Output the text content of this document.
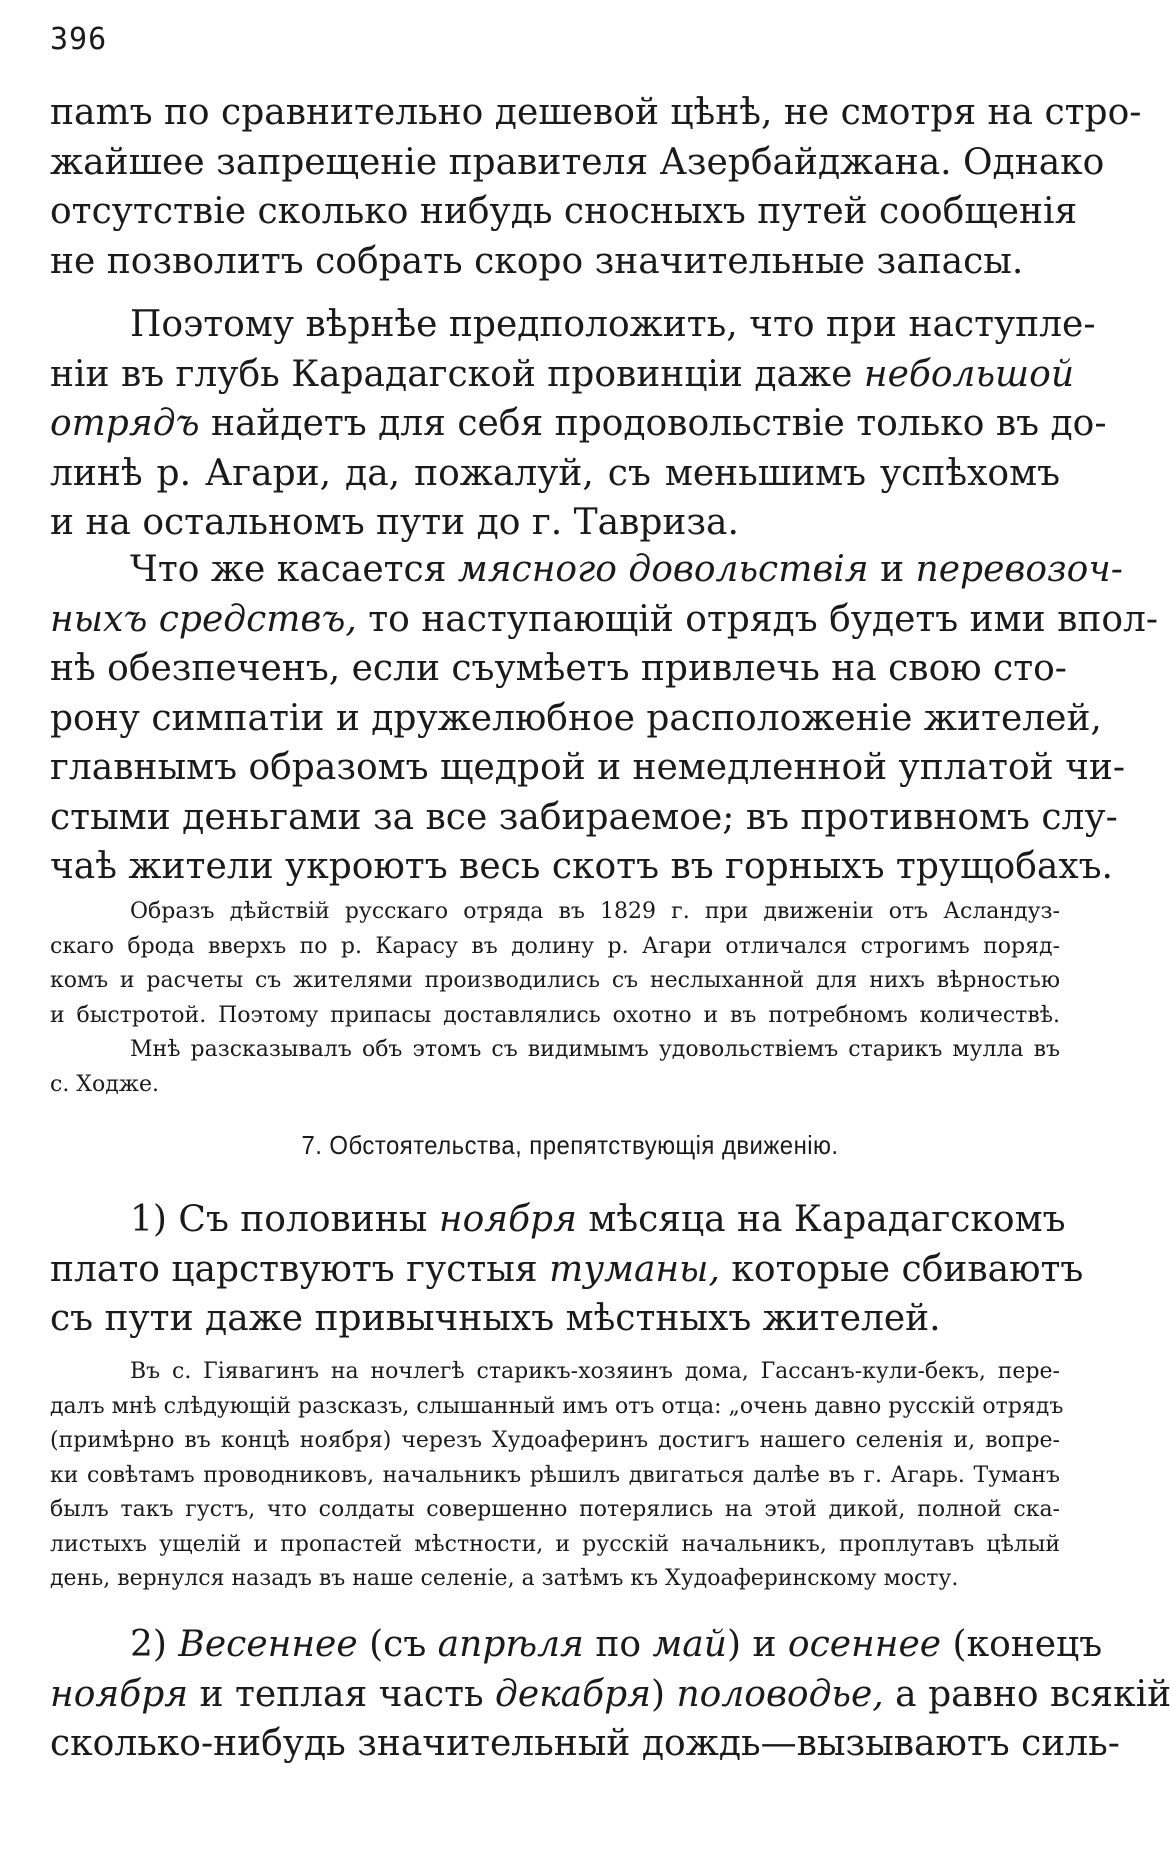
396
пamъ по сравнительно дешевой цѣнѣ, не смотря на стро-
жайшее запрещеніе правителя Азербайджана. Однако
отсутствіе сколько нибудь сносныхъ путей сообщенія
не позволитъ собрать скоро значительные запасы.
Поэтому вѣрнѣе предположить, что при наступле-
ніи въ глубь Карадагской провинціи даже небольшой
отрядъ найдетъ для себя продовольствіе только въ до-
линѣ р. Агари, да, пожалуй, съ меньшимъ успѣхомъ
и на остальномъ пути до г. Тавриза.
Что же касается мясного довольствія и перевозоч-
ныхъ средствъ, то наступающій отрядъ будетъ ими впол-
нѣ обезпеченъ, если съумѣетъ привлечь на свою сто-
рону симпатіи и дружелюбное расположеніе жителей,
главнымъ образомъ щедрой и немедленной уплатой чи-
стыми деньгами за все забираемое; въ противномъ слу-
чаѣ жители укроютъ весь скотъ въ горныхъ трущобахъ.
Образъ дѣйствій русскаго отряда въ 1829 г. при движеніи отъ Асландуз-
скаго брода вверхъ по р. Карасу въ долину р. Агари отличался строгимъ поряд-
комъ и расчеты съ жителями производились съ неслыханной для нихъ вѣрностью
и быстротой. Поэтому припасы доставлялись охотно и въ потребномъ количествѣ.
Мнѣ разсказывалъ объ этомъ съ видимымъ удовольствіемъ старикъ мулла въ
с. Ходже.
7. Обстоятельства, препятствующія движенію.
1) Съ половины ноября мѣсяца на Карадагскомъ
плато царствуютъ густыя туманы, которые сбиваютъ
съ пути даже привычныхъ мѣстныхъ жителей.
Въ с. Гіявагинъ на ночлегѣ старикъ-хозяинъ дома, Гассанъ-кули-бекъ, пере-
далъ мнѣ слѣдующій разсказъ, слышанный имъ отъ отца: „очень давно русскій отрядъ
(примѣрно въ концѣ ноября) черезъ Худоаферинъ достигъ нашего селенія и, вопре-
ки совѣтамъ проводниковъ, начальникъ рѣшилъ двигаться далѣе въ г. Агарь. Туманъ
былъ такъ густъ, что солдаты совершенно потерялись на этой дикой, полной ска-
листыхъ ущелій и пропастей мѣстности, и русскій начальникъ, проплутавъ цѣлый
день, вернулся назадъ въ наше селеніе, а затѣмъ къ Худоаферинскому мосту.
2) Весеннее (съ апрѣля по май) и осеннее (конецъ
ноября и теплая часть декабря) половодье, а равно всякій
сколько-нибудь значительный дождь—вызываютъ силь-
